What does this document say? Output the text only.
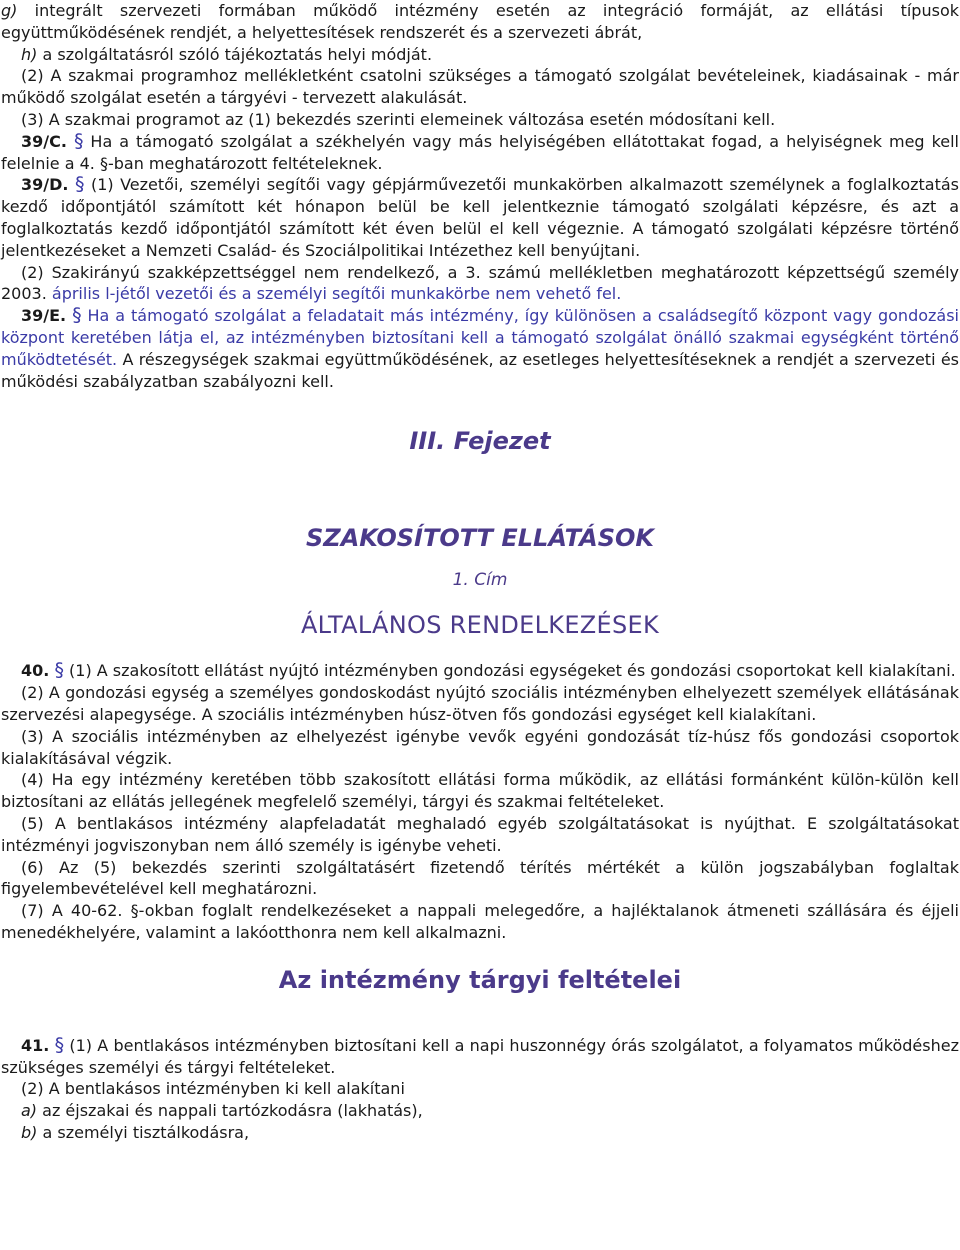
g) integrált szervezeti formában működő intézmény esetén az integráció formáját, az ellátási típusok együttműködésének rendjét, a helyettesítések rendszerét és a szervezeti ábrát,

h) a szolgáltatásról szóló tájékoztatás helyi módját.

(2) A szakmai programhoz mellékletként csatolni szükséges a támogató szolgálat bevételeinek, kiadásainak - már működő szolgálat esetén a tárgyévi - tervezett alakulását.

(3) A szakmai programot az (1) bekezdés szerinti elemeinek változása esetén módosítani kell.

39/C. § Ha a támogató szolgálat a székhelyén vagy más helyiségében ellátottakat fogad, a helyiségnek meg kell felelnie a 4. §-ban meghatározott feltételeknek.

39/D. § (1) Vezetői, személyi segítői vagy gépjárművezetői munkakörben alkalmazott személynek a foglalkoztatás kezdő időpontjától számított két hónapon belül be kell jelentkeznie támogató szolgálati képzésre, és azt a foglalkoztatás kezdő időpontjától számított két éven belül el kell végeznie. A támogató szolgálati képzésre történő jelentkezéseket a Nemzeti Család- és Szociálpolitikai Intézethez kell benyújtani.

(2) Szakirányú szakképzettséggel nem rendelkező, a 3. számú mellékletben meghatározott képzettségű személy 2003. április l-jétől vezetői és a személyi segítői munkakörbe nem vehető fel.

39/E. § Ha a támogató szolgálat a feladatait más intézmény, így különösen a családsegítő központ vagy gondozási központ keretében látja el, az intézményben biztosítani kell a támogató szolgálat önálló szakmai egységként történő működtetését. A részegységek szakmai együttműködésének, az esetleges helyettesítéseknek a rendjét a szervezeti és működési szabályzatban szabályozni kell.

III. Fejezet

SZAKOSÍTOTT ELLÁTÁSOK

1. Cím

ÁLTALÁNOS RENDELKEZÉSEK

40. § (1) A szakosított ellátást nyújtó intézményben gondozási egységeket és gondozási csoportokat kell kialakítani.

(2) A gondozási egység a személyes gondoskodást nyújtó szociális intézményben elhelyezett személyek ellátásának szervezési alapegysége. A szociális intézményben húsz-ötven fős gondozási egységet kell kialakítani.

(3) A szociális intézményben az elhelyezést igénybe vevők egyéni gondozását tíz-húsz fős gondozási csoportok kialakításával végzik.

(4) Ha egy intézmény keretében több szakosított ellátási forma működik, az ellátási formánként külön-külön kell biztosítani az ellátás jellegének megfelelő személyi, tárgyi és szakmai feltételeket.

(5) A bentlakásos intézmény alapfeladatát meghaladó egyéb szolgáltatásokat is nyújthat. E szolgáltatásokat intézményi jogviszonyban nem álló személy is igénybe veheti.

(6) Az (5) bekezdés szerinti szolgáltatásért fizetendő térítés mértékét a külön jogszabályban foglaltak figyelembevételével kell meghatározni.

(7) A 40-62. §-okban foglalt rendelkezéseket a nappali melegedőre, a hajléktalanok átmeneti szállására és éjjeli menedékhelyére, valamint a lakóotthonra nem kell alkalmazni.

Az intézmény tárgyi feltételei

41. § (1) A bentlakásos intézményben biztosítani kell a napi huszonnégy órás szolgálatot, a folyamatos működéshez szükséges személyi és tárgyi feltételeket.

(2) A bentlakásos intézményben ki kell alakítani

a) az éjszakai és nappali tartózkodásra (lakhatás),

b) a személyi tisztálkodásra,
